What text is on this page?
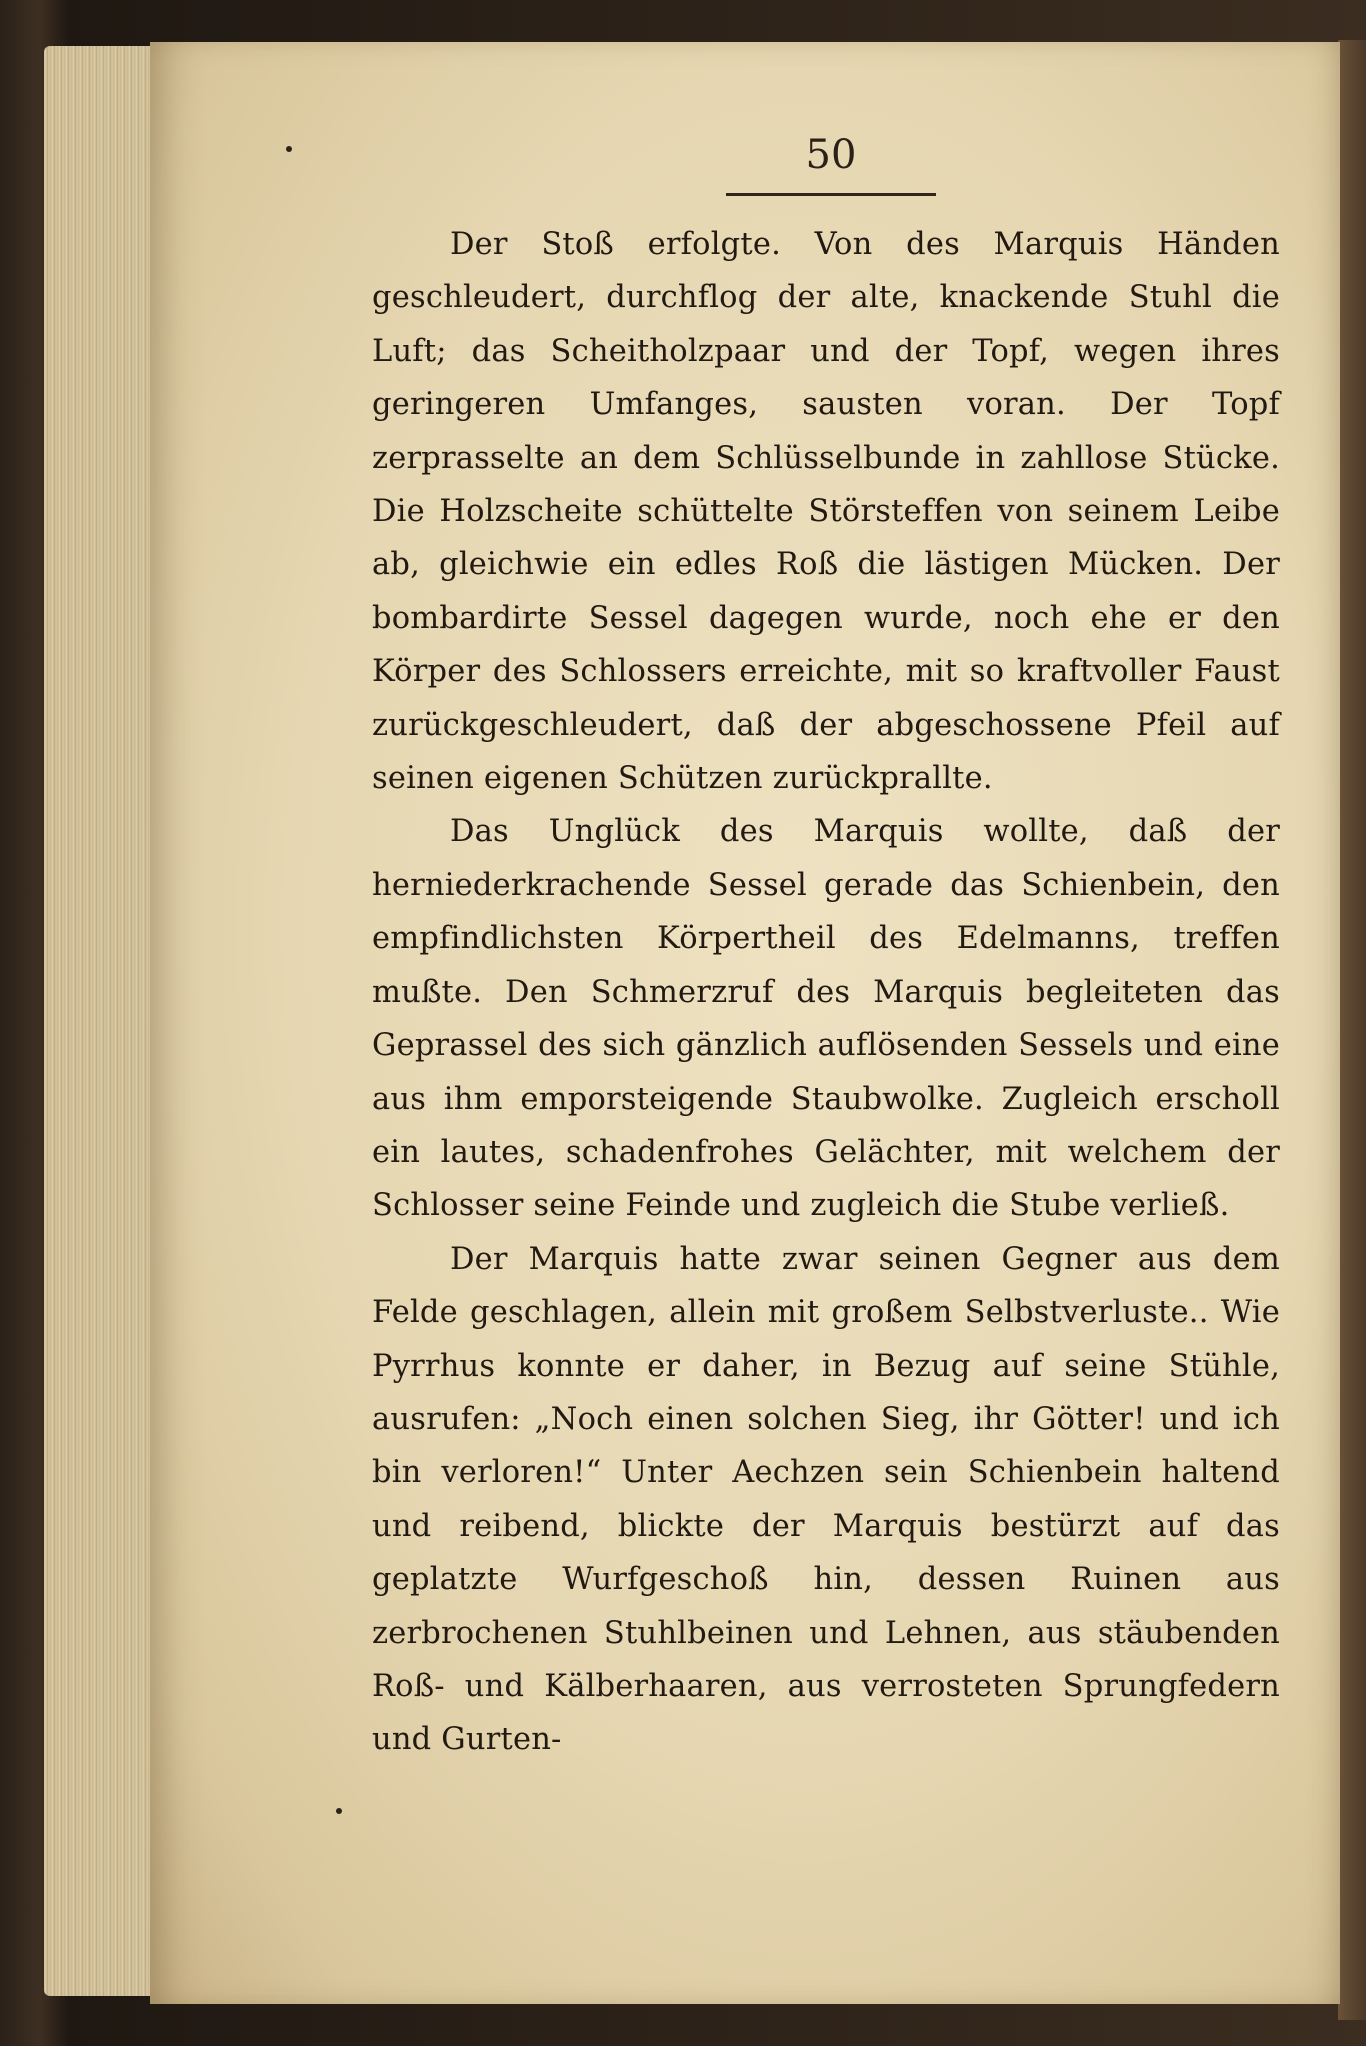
50

Der Stoß erfolgte. Von des Marquis Händen geschleudert, durchflog der alte, knackende Stuhl die Luft; das Scheitholzpaar und der Topf, wegen ihres geringeren Umfanges, sausten voran. Der Topf zerprasselte an dem Schlüsselbunde in zahllose Stücke. Die Holzscheite schüttelte Störsteffen von seinem Leibe ab, gleichwie ein edles Roß die lästigen Mücken. Der bombardirte Sessel dagegen wurde, noch ehe er den Körper des Schlossers erreichte, mit so kraftvoller Faust zurückgeschleudert, daß der abgeschossene Pfeil auf seinen eigenen Schützen zurückprallte.

Das Unglück des Marquis wollte, daß der herniederkrachende Sessel gerade das Schienbein, den empfindlichsten Körpertheil des Edelmanns, treffen mußte. Den Schmerzruf des Marquis begleiteten das Geprassel des sich gänzlich auflösenden Sessels und eine aus ihm emporsteigende Staubwolke. Zugleich erscholl ein lautes, schadenfrohes Gelächter, mit welchem der Schlosser seine Feinde und zugleich die Stube verließ.

Der Marquis hatte zwar seinen Gegner aus dem Felde geschlagen, allein mit großem Selbstverluste.. Wie Pyrrhus konnte er daher, in Bezug auf seine Stühle, ausrufen: „Noch einen solchen Sieg, ihr Götter! und ich bin verloren!“ Unter Aechzen sein Schienbein haltend und reibend, blickte der Marquis bestürzt auf das geplatzte Wurfgeschoß hin, dessen Ruinen aus zerbrochenen Stuhlbeinen und Lehnen, aus stäubenden Roß- und Kälberhaaren, aus verrosteten Sprungfedern und Gurten-
